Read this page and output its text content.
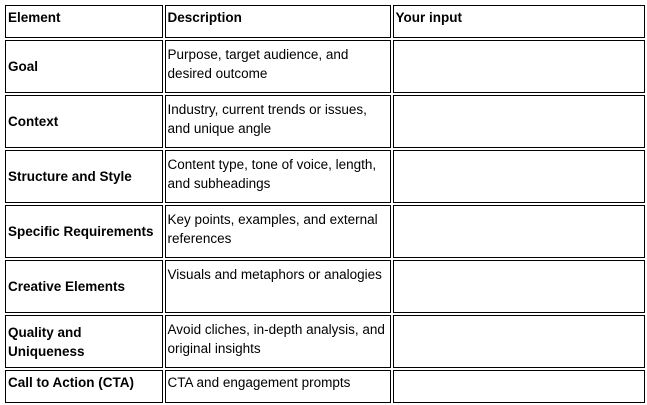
Element	Description	Your input
Goal	Purpose, target audience, and desired outcome	
Context	Industry, current trends or issues, and unique angle	
Structure and Style	Content type, tone of voice, length, and subheadings	
Specific Requirements	Key points, examples, and external references	
Creative Elements	Visuals and metaphors or analogies	
Quality and Uniqueness	Avoid cliches, in-depth analysis, and original insights	
Call to Action (CTA)	CTA and engagement prompts	
